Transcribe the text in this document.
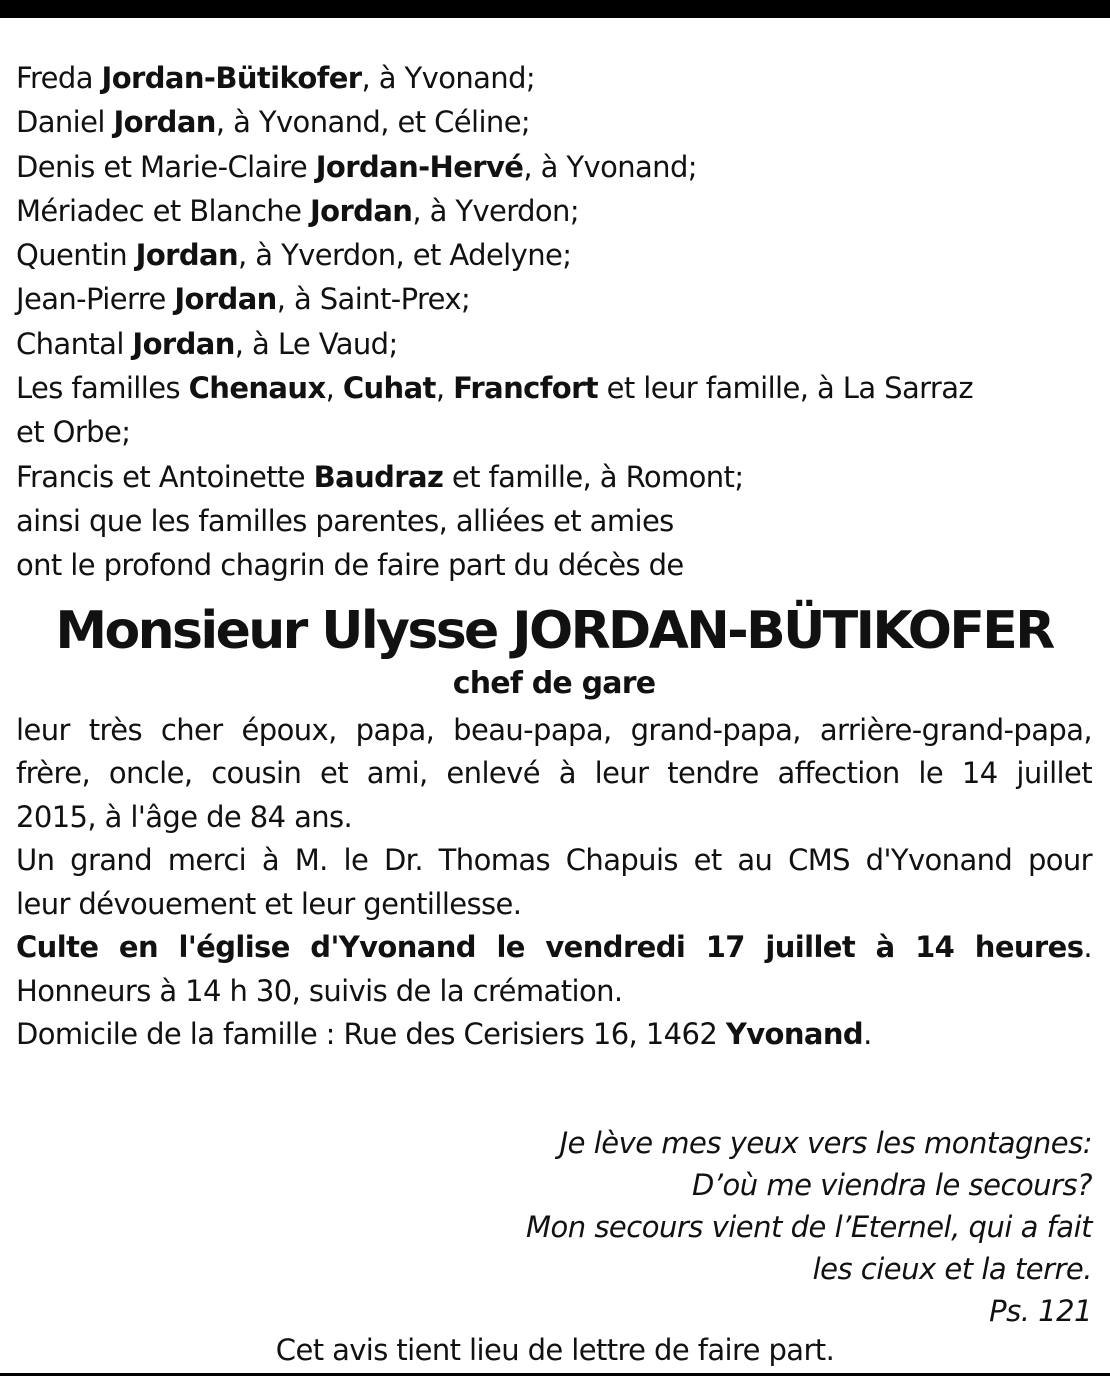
Freda Jordan-Bütikofer, à Yvonand;
Daniel Jordan, à Yvonand, et Céline;
Denis et Marie-Claire Jordan-Hervé, à Yvonand;
Mériadec et Blanche Jordan, à Yverdon;
Quentin Jordan, à Yverdon, et Adelyne;
Jean-Pierre Jordan, à Saint-Prex;
Chantal Jordan, à Le Vaud;
Les familles Chenaux, Cuhat, Francfort et leur famille, à La Sarraz
et Orbe;
Francis et Antoinette Baudraz et famille, à Romont;
ainsi que les familles parentes, alliées et amies
ont le profond chagrin de faire part du décès de
Monsieur Ulysse JORDAN-BÜTIKOFER
chef de gare
leur très cher époux, papa, beau-papa, grand-papa, arrière-grand-papa,
frère, oncle, cousin et ami, enlevé à leur tendre affection le 14 juillet
2015, à l'âge de 84 ans.
Un grand merci à M. le Dr. Thomas Chapuis et au CMS d'Yvonand pour
leur dévouement et leur gentillesse.
Culte en l'église d'Yvonand le vendredi 17 juillet à 14 heures.
Honneurs à 14 h 30, suivis de la crémation.
Domicile de la famille : Rue des Cerisiers 16, 1462 Yvonand.
Je lève mes yeux vers les montagnes:
D’où me viendra le secours?
Mon secours vient de l’Eternel, qui a fait
les cieux et la terre.
Ps. 121
Cet avis tient lieu de lettre de faire part.
